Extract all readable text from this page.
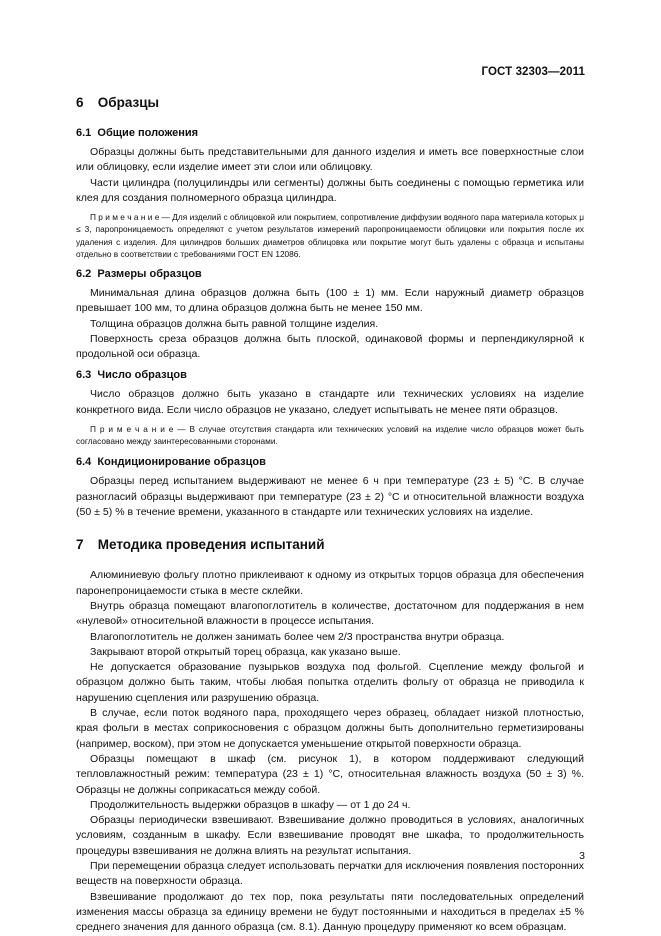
ГОСТ 32303—2011
6 Образцы
6.1 Общие положения

Образцы должны быть представительными для данного изделия и иметь все поверхностные слои или облицовку, если изделие имеет эти слои или облицовку.

Части цилиндра (полуцилиндры или сегменты) должны быть соединены с помощью герметика или клея для создания полномерного образца цилиндра.

П р и м е ч а н и е — Для изделий с облицовкой или покрытием, сопротивление диффузии водяного пара материала которых μ ≤ 3, паропроницаемость определяют с учетом результатов измерений паропроницаемости облицовки или покрытия после их удаления с изделия. Для цилиндров больших диаметров облицовка или покрытие могут быть удалены с образца и испытаны отдельно в соответствии с требованиями ГОСТ EN 12086.

6.2 Размеры образцов

Минимальная длина образцов должна быть (100 ± 1) мм. Если наружный диаметр образцов превышает 100 мм, то длина образцов должна быть не менее 150 мм.

Толщина образцов должна быть равной толщине изделия.

Поверхность среза образцов должна быть плоской, одинаковой формы и перпендикулярной к продольной оси образца.

6.3 Число образцов

Число образцов должно быть указано в стандарте или технических условиях на изделие конкретного вида. Если число образцов не указано, следует испытывать не менее пяти образцов.

П р и м е ч а н и е — В случае отсутствия стандарта или технических условий на изделие число образцов может быть согласовано между заинтересованными сторонами.

6.4 Кондиционирование образцов

Образцы перед испытанием выдерживают не менее 6 ч при температуре (23 ± 5) °С. В случае разногласий образцы выдерживают при температуре (23 ± 2) °С и относительной влажности воздуха (50 ± 5) % в течение времени, указанного в стандарте или технических условиях на изделие.

7 Методика проведения испытаний

Алюминиевую фольгу плотно приклеивают к одному из открытых торцов образца для обеспечения паронепроницаемости стыка в месте склейки.

Внутрь образца помещают влагопоглотитель в количестве, достаточном для поддержания в нем «нулевой» относительной влажности в процессе испытания.

Влагопоглотитель не должен занимать более чем 2/3 пространства внутри образца.

Закрывают второй открытый торец образца, как указано выше.

Не допускается образование пузырьков воздуха под фольгой. Сцепление между фольгой и образцом должно быть таким, чтобы любая попытка отделить фольгу от образца не приводила к нарушению сцепления или разрушению образца.

В случае, если поток водяного пара, проходящего через образец, обладает низкой плотностью, края фольги в местах соприкосновения с образцом должны быть дополнительно герметизированы (например, воском), при этом не допускается уменьшение открытой поверхности образца.

Образцы помещают в шкаф (см. рисунок 1), в котором поддерживают следующий тепловлажностный режим: температура (23 ± 1) °С, относительная влажность воздуха (50 ± 3) %. Образцы не должны соприкасаться между собой.

Продолжительность выдержки образцов в шкафу — от 1 до 24 ч.

Образцы периодически взвешивают. Взвешивание должно проводиться в условиях, аналогичных условиям, созданным в шкафу. Если взвешивание проводят вне шкафа, то продолжительность процедуры взвешивания не должна влиять на результат испытания.

При перемещении образца следует использовать перчатки для исключения появления посторонних веществ на поверхности образца.

Взвешивание продолжают до тех пор, пока результаты пяти последовательных определений изменения массы образца за единицу времени не будут постоянными и находиться в пределах ±5 % среднего значения для данного образца (см. 8.1). Данную процедуру применяют ко всем образцам.

3
